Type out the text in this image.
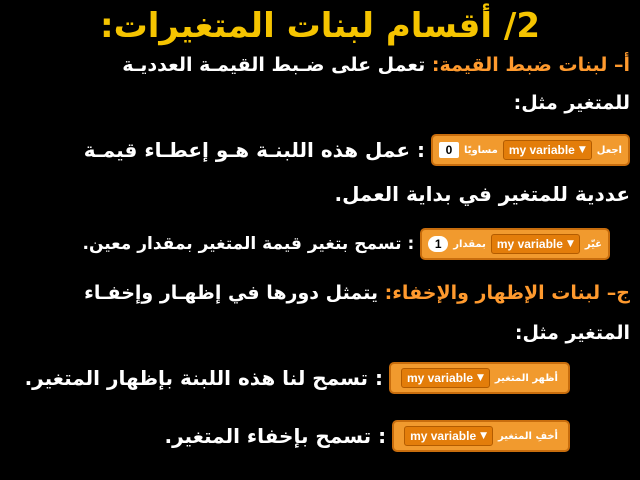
2/ أقسام لبنات المتغيرات:
أ– لبنات ضبط القيمة: تعمل على ضـبط القيمـة العدديـة
للمتغير مثل:
اجعل
my variable ▼
مساويًا
0
: عمل هذه اللبنـة هـو إعطـاء قيمـة
عددية للمتغير في بداية العمل.
غيّر
my variable ▼
بمقدار
1
: تسمح بتغير قيمة المتغير بمقدار معين.
ج– لبنات الإظهار والإخفاء: يتمثل دورها في إظهـار وإخفـاء
المتغير مثل:
أظهر المتغير
my variable ▼
: تسمح لنا هذه اللبنة بإظهار المتغير.
أخفِ المتغير
my variable ▼
: تسمح بإخفاء المتغير.
